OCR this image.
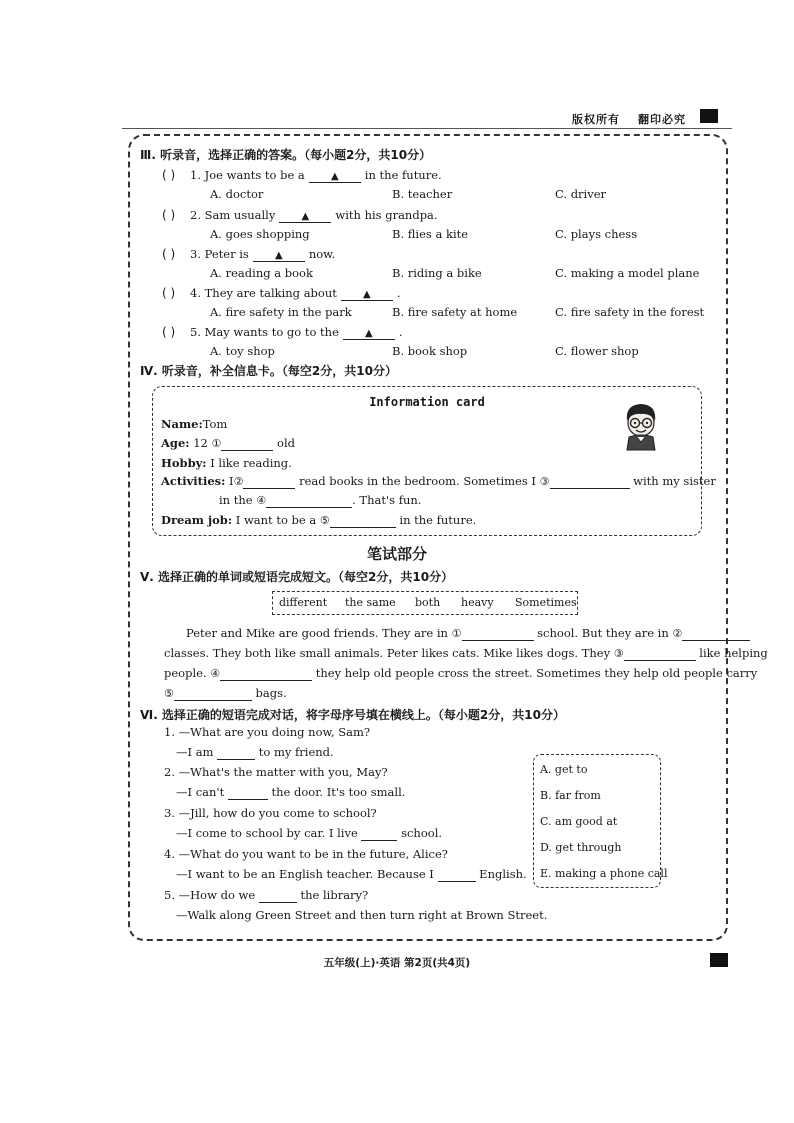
版权所有 翻印必究
Ⅲ. 听录音，选择正确的答案。（每小题2分，共10分）
( ) 1. Joe wants to be a	▲ in the future.
A. doctor	B. teacher	C. driver
( ) 2. Sam usually	▲ with his grandpa.
A. goes shopping	B. flies a kite	C. plays chess
( ) 3. Peter is	▲ now.
A. reading a book	B. riding a bike	C. making a model plane
( ) 4. They are talking about	▲ .
A. fire safety in the park	B. fire safety at home	C. fire safety in the forest
( ) 5. May wants to go to the	▲ .
A. toy shop	B. book shop	C. flower shop
Ⅳ. 听录音，补全信息卡。（每空2分，共10分）
Information card
Name:Tom
Age: 12 ①	old
Hobby: I like reading.
Activities: I②	read books in the bedroom. Sometimes I ③	with my sister
in the ④	. That's fun.
Dream job: I want to be a ⑤	in the future.
笔试部分
Ⅴ. 选择正确的单词或短语完成短文。（每空2分，共10分）
different the same both heavy Sometimes
Peter and Mike are good friends. They are in ①	school. But they are in ②
classes. They both like small animals. Peter likes cats. Mike likes dogs. They ③	like helping
people. ④	they help old people cross the street. Sometimes they help old people carry
⑤	bags.
Ⅵ. 选择正确的短语完成对话，将字母序号填在横线上。（每小题2分，共10分）
1. —What are you doing now, Sam?
—I am	to my friend.
2. —What's the matter with you, May?
—I can't	the door. It's too small.
3. —Jill, how do you come to school?
—I come to school by car. I live	school.
4. —What do you want to be in the future, Alice?
—I want to be an English teacher. Because I	English.
5. —How do we	the library?
—Walk along Green Street and then turn right at Brown Street.
A. get to
B. far from
C. am good at
D. get through
E. making a phone call
五年级(上)·英语 第2页(共4页)
